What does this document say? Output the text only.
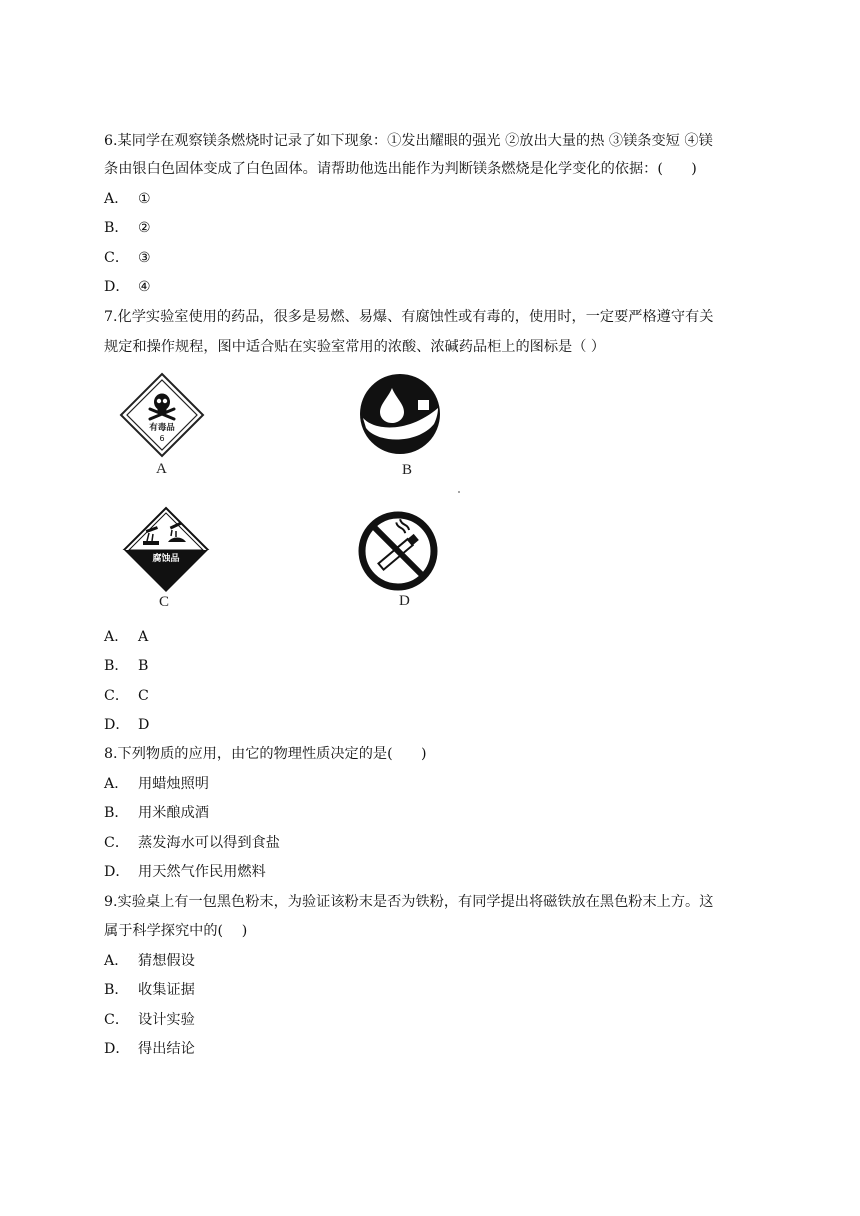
6.某同学在观察镁条燃烧时记录了如下现象：①发出耀眼的强光 ②放出大量的热 ③镁条变短 ④镁
条由银白色固体变成了白色固体。请帮助他选出能作为判断镁条燃烧是化学变化的依据：(　　)
A． ①
B． ②
C． ③
D． ④
7.化学实验室使用的药品，很多是易燃、易爆、有腐蚀性或有毒的，使用时，一定要严格遵守有关
规定和操作规程，图中适合贴在实验室常用的浓酸、浓碱药品柜上的图标是（ ）
有毒品
6
A	B
腐蚀品
C	D
A． A
B． B
C． C
D． D
8.下列物质的应用，由它的物理性质决定的是(　　)
A． 用蜡烛照明
B． 用米酿成酒
C． 蒸发海水可以得到食盐
D． 用天然气作民用燃料
9.实验桌上有一包黑色粉末，为验证该粉末是否为铁粉，有同学提出将磁铁放在黑色粉末上方。这
属于科学探究中的(　 )
A． 猜想假设
B． 收集证据
C． 设计实验
D． 得出结论
